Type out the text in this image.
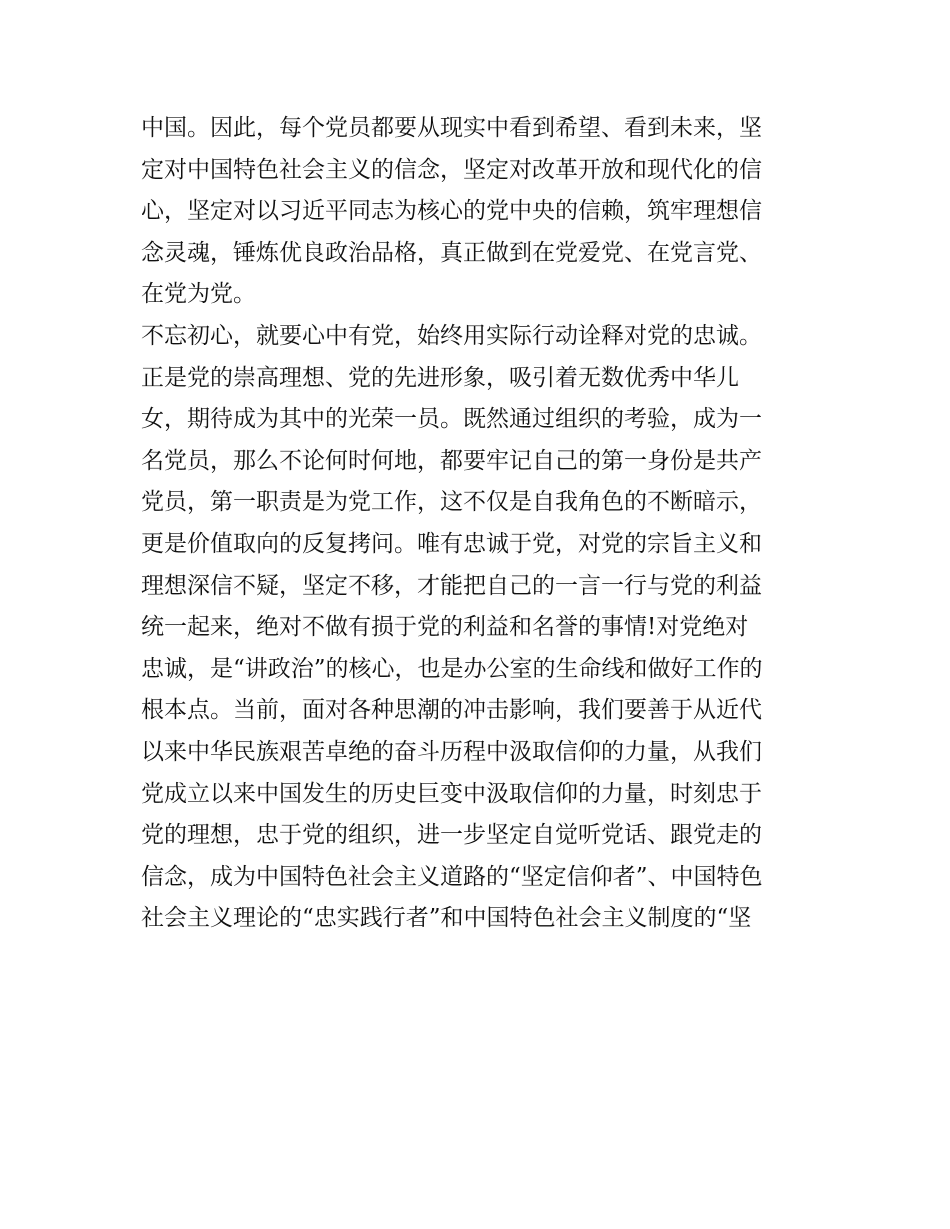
中国。因此，每个党员都要从现实中看到希望、看到未来，坚
定对中国特色社会主义的信念，坚定对改革开放和现代化的信
心，坚定对以习近平同志为核心的党中央的信赖，筑牢理想信
念灵魂，锤炼优良政治品格，真正做到在党爱党、在党言党、
在党为党。
不忘初心，就要心中有党，始终用实际行动诠释对党的忠诚。
正是党的崇高理想、党的先进形象，吸引着无数优秀中华儿
女，期待成为其中的光荣一员。既然通过组织的考验，成为一
名党员，那么不论何时何地，都要牢记自己的第一身份是共产
党员，第一职责是为党工作，这不仅是自我角色的不断暗示，
更是价值取向的反复拷问。唯有忠诚于党，对党的宗旨主义和
理想深信不疑，坚定不移，才能把自己的一言一行与党的利益
统一起来，绝对不做有损于党的利益和名誉的事情!对党绝对
忠诚，是“讲政治”的核心，也是办公室的生命线和做好工作的
根本点。当前，面对各种思潮的冲击影响，我们要善于从近代
以来中华民族艰苦卓绝的奋斗历程中汲取信仰的力量，从我们
党成立以来中国发生的历史巨变中汲取信仰的力量，时刻忠于
党的理想，忠于党的组织，进一步坚定自觉听党话、跟党走的
信念，成为中国特色社会主义道路的“坚定信仰者”、中国特色
社会主义理论的“忠实践行者”和中国特色社会主义制度的“坚
